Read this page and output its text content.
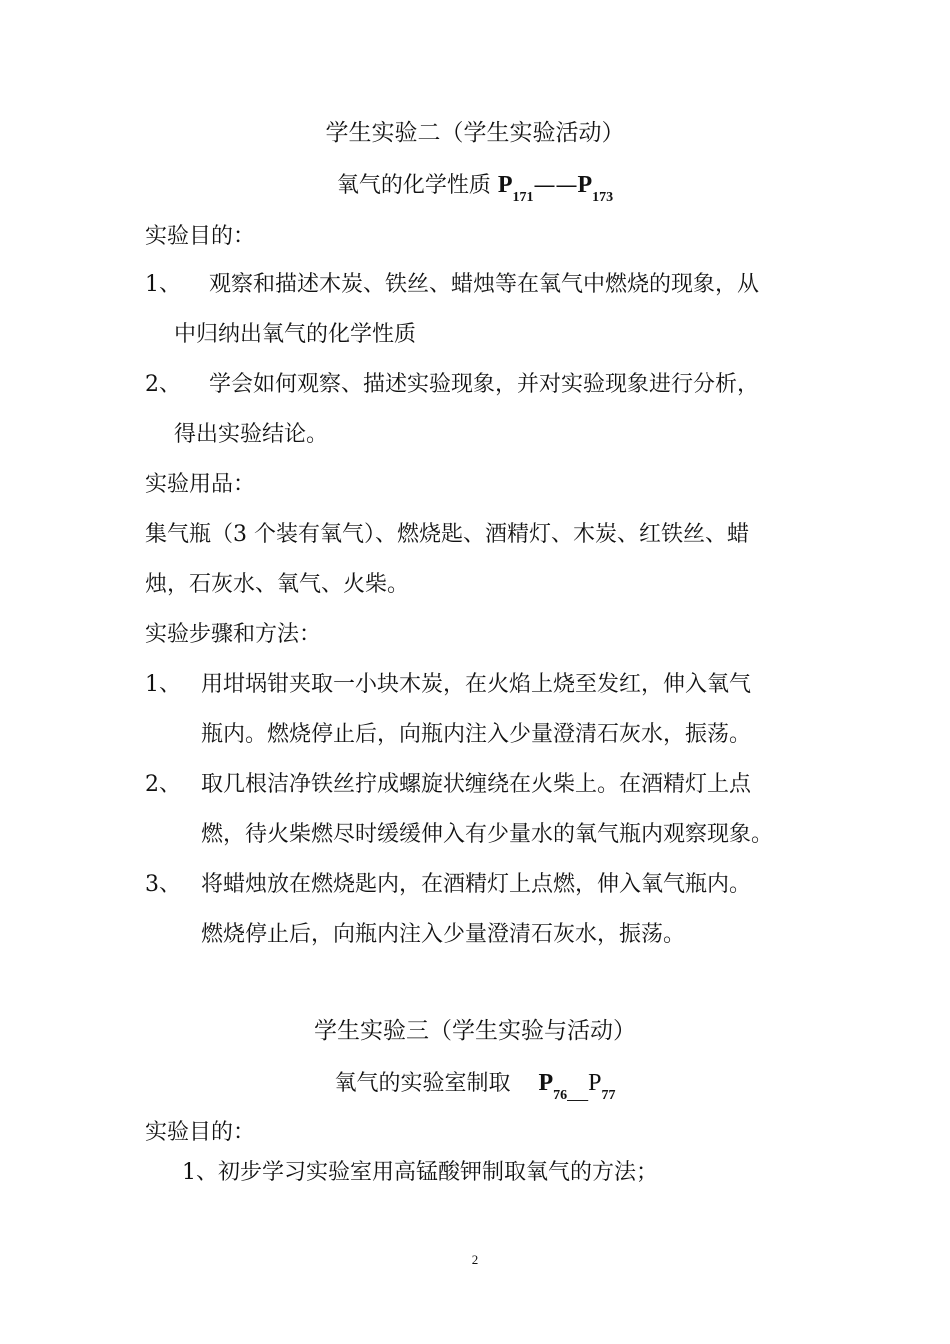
学生实验二（学生实验活动）
氧气的化学性质 $P_{171}——P_{173}$
实验目的：
1、 观察和描述木炭、铁丝、蜡烛等在氧气中燃烧的现象，从
中归纳出氧气的化学性质
2、 学会如何观察、描述实验现象，并对实验现象进行分析，
得出实验结论。
实验用品：
集气瓶（3 个装有氧气）、燃烧匙、酒精灯、木炭、红铁丝、蜡
烛，石灰水、氧气、火柴。
实验步骤和方法：
1、 用坩埚钳夹取一小块木炭，在火焰上烧至发红，伸入氧气
瓶内。燃烧停止后，向瓶内注入少量澄清石灰水，振荡。
2、 取几根洁净铁丝拧成螺旋状缠绕在火柴上。在酒精灯上点
燃，待火柴燃尽时缓缓伸入有少量水的氧气瓶内观察现象。
3、 将蜡烛放在燃烧匙内，在酒精灯上点燃，伸入氧气瓶内。
燃烧停止后，向瓶内注入少量澄清石灰水，振荡。
学生实验三（学生实验与活动）
氧气的实验室制取 $P_{76\_\_\_}P_{77}$
实验目的：
1、初步学习实验室用高锰酸钾制取氧气的方法；
2
